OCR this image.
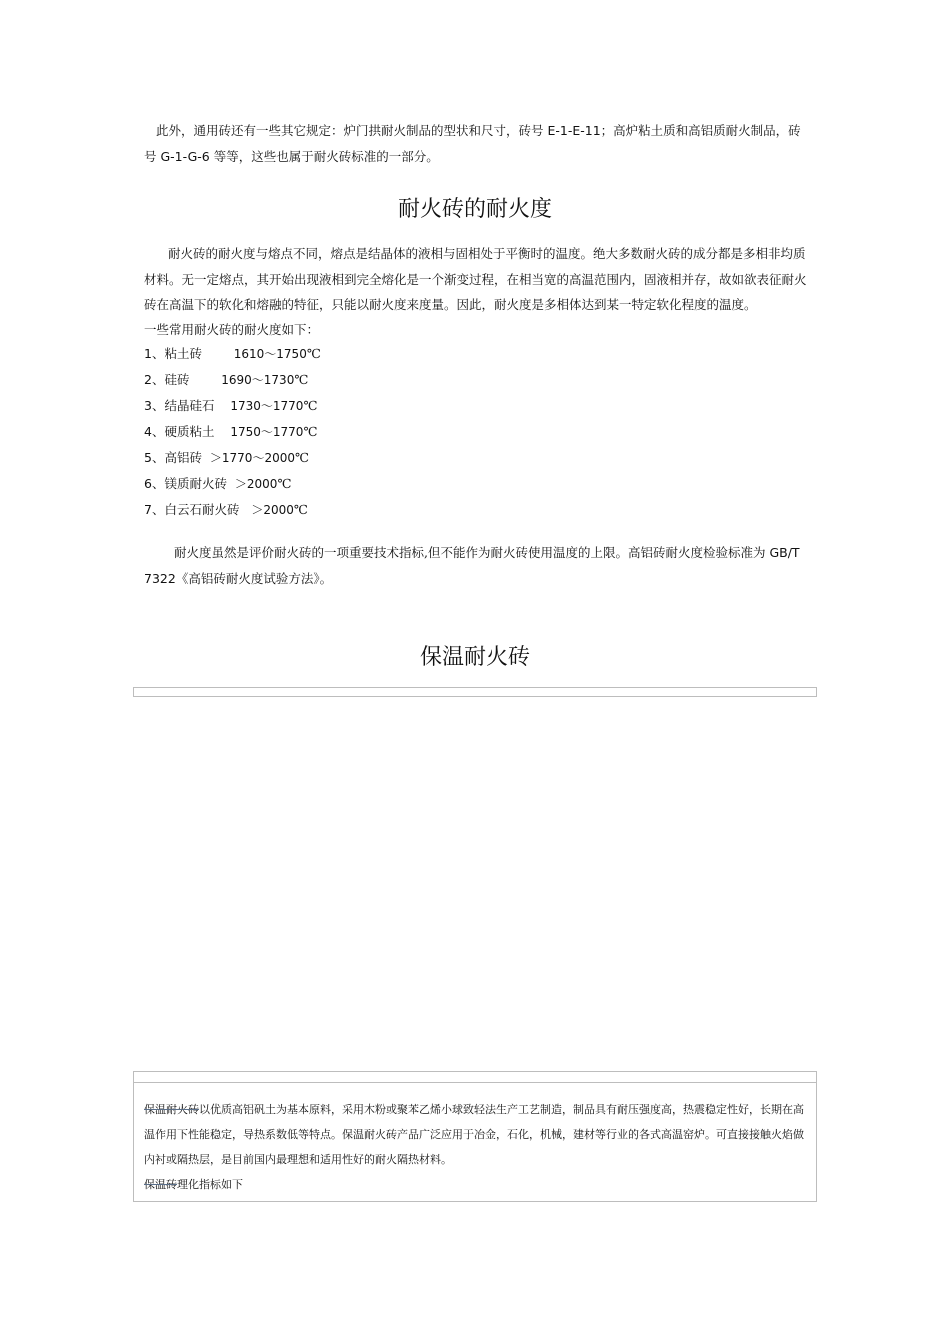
此外，通用砖还有一些其它规定：炉门拱耐火制品的型状和尺寸，砖号 E-1-E-11；高炉粘土质和高铝质耐火制品，砖号 G-1-G-6 等等，这些也属于耐火砖标准的一部分。

耐火砖的耐火度

耐火砖的耐火度与熔点不同，熔点是结晶体的液相与固相处于平衡时的温度。绝大多数耐火砖的成分都是多相非均质材料。无一定熔点，其开始出现液相到完全熔化是一个渐变过程，在相当宽的高温范围内，固液相并存，故如欲表征耐火砖在高温下的软化和熔融的特征，只能以耐火度来度量。因此，耐火度是多相体达到某一特定软化程度的温度。

一些常用耐火砖的耐火度如下：

1、粘土砖        1610～1750℃
2、硅砖        1690～1730℃
3、结晶硅石    1730～1770℃
4、硬质粘土    1750～1770℃
5、高铝砖  ＞1770～2000℃
6、镁质耐火砖  ＞2000℃
7、白云石耐火砖   ＞2000℃

耐火度虽然是评价耐火砖的一项重要技术指标,但不能作为耐火砖使用温度的上限。高铝砖耐火度检验标准为 GB/T 7322《高铝砖耐火度试验方法》。

保温耐火砖

保温耐火砖以优质高铝矾土为基本原料，采用木粉或聚苯乙烯小球致轻法生产工艺制造，制品具有耐压强度高，热震稳定性好，长期在高温作用下性能稳定，导热系数低等特点。保温耐火砖产品广泛应用于冶金，石化，机械，建材等行业的各式高温窑炉。可直接接触火焰做内衬或隔热层，是目前国内最理想和适用性好的耐火隔热材料。
保温砖理化指标如下
